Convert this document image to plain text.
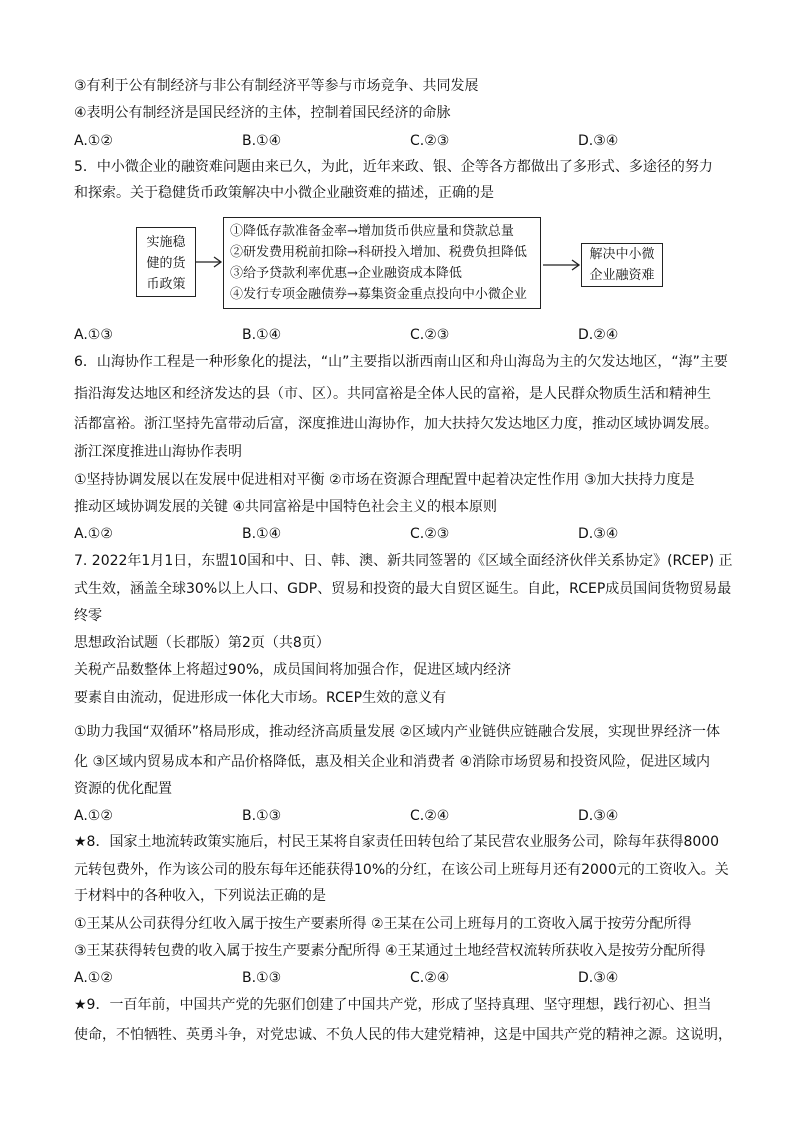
③有利于公有制经济与非公有制经济平等参与市场竞争、共同发展
④表明公有制经济是国民经济的主体，控制着国民经济的命脉
A.①②	B.①④	C.②③	D.③④
5．中小微企业的融资难问题由来已久，为此，近年来政、银、企等各方都做出了多形式、多途径的努力
和探索。关于稳健货币政策解决中小微企业融资难的描述，正确的是
实施稳
健的货
币政策
①降低存款准备金率→增加货币供应量和贷款总量
②研发费用税前扣除→科研投入增加、税费负担降低
③给予贷款利率优惠→企业融资成本降低
④发行专项金融债券→募集资金重点投向中小微企业
解决中小微
企业融资难
A.①③	B.①④	C.②③	D.②④
6．山海协作工程是一种形象化的提法，“山”主要指以浙西南山区和舟山海岛为主的欠发达地区，“海”主要
指沿海发达地区和经济发达的县（市、区）。共同富裕是全体人民的富裕，是人民群众物质生活和精神生
活都富裕。浙江坚持先富带动后富，深度推进山海协作，加大扶持欠发达地区力度，推动区域协调发展。
浙江深度推进山海协作表明
①坚持协调发展以在发展中促进相对平衡 ②市场在资源合理配置中起着决定性作用 ③加大扶持力度是
推动区域协调发展的关键 ④共同富裕是中国特色社会主义的根本原则
A.①②	B.①④	C.②③	D.③④
7. 2022年1月1日，东盟10国和中、日、韩、澳、新共同签署的《区域全面经济伙伴关系协定》(RCEP) 正
式生效，涵盖全球30%以上人口、GDP、贸易和投资的最大自贸区诞生。自此，RCEP成员国间货物贸易最
终零
思想政治试题（长郡版）第2页（共8页）
关税产品数整体上将超过90%，成员国间将加强合作，促进区域内经济
要素自由流动，促进形成一体化大市场。RCEP生效的意义有
①助力我国“双循环”格局形成，推动经济高质量发展 ②区域内产业链供应链融合发展，实现世界经济一体
化 ③区域内贸易成本和产品价格降低，惠及相关企业和消费者 ④消除市场贸易和投资风险，促进区域内
资源的优化配置
A.①②	B.①③	C.②④	D.③④
★8．国家土地流转政策实施后，村民王某将自家责任田转包给了某民营农业服务公司，除每年获得8000
元转包费外，作为该公司的股东每年还能获得10%的分红，在该公司上班每月还有2000元的工资收入。关
于材料中的各种收入，下列说法正确的是
①王某从公司获得分红收入属于按生产要素所得 ②王某在公司上班每月的工资收入属于按劳分配所得
③王某获得转包费的收入属于按生产要素分配所得 ④王某通过土地经营权流转所获收入是按劳分配所得
A.①②	B.①③	C.②④	D.③④
★9．一百年前，中国共产党的先驱们创建了中国共产党，形成了坚持真理、坚守理想，践行初心、担当
使命，不怕牺牲、英勇斗争，对党忠诚、不负人民的伟大建党精神，这是中国共产党的精神之源。这说明，
